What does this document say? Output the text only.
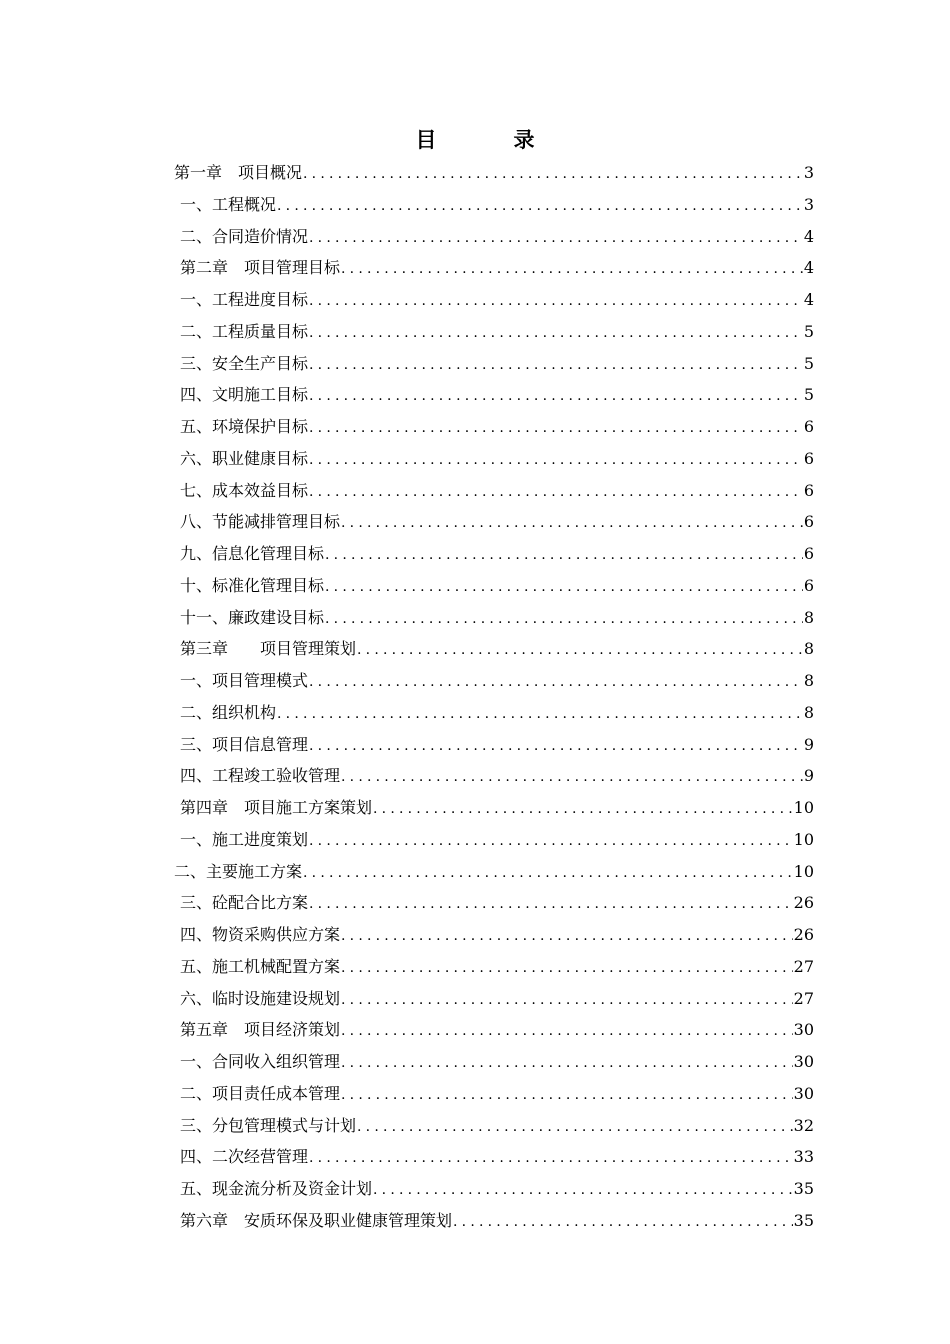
目　录
第一章　项目概况 .....	3
一、工程概况 .....	3
二、合同造价情况 .....	4
第二章　项目管理目标 .....	4
一、工程进度目标 .....	4
二、工程质量目标 .....	5
三、安全生产目标 .....	5
四、文明施工目标 .....	5
五、环境保护目标 .....	6
六、职业健康目标 .....	6
七、成本效益目标 .....	6
八、节能减排管理目标 .....	6
九、信息化管理目标 .....	6
十、标准化管理目标 .....	6
十一、廉政建设目标 .....	8
第三章　　项目管理策划 .....	8
一、项目管理模式 .....	8
二、组织机构 .....	8
三、项目信息管理 .....	9
四、工程竣工验收管理 .....	9
第四章　项目施工方案策划 .....	10
一、施工进度策划 .....	10
二、主要施工方案 .....	10
三、砼配合比方案 .....	26
四、物资采购供应方案 .....	26
五、施工机械配置方案 .....	27
六、临时设施建设规划 .....	27
第五章　项目经济策划 .....	30
一、合同收入组织管理 .....	30
二、项目责任成本管理 .....	30
三、分包管理模式与计划 .....	32
四、二次经营管理 .....	33
五、现金流分析及资金计划 .....	35
第六章　安质环保及职业健康管理策划 .....	35
